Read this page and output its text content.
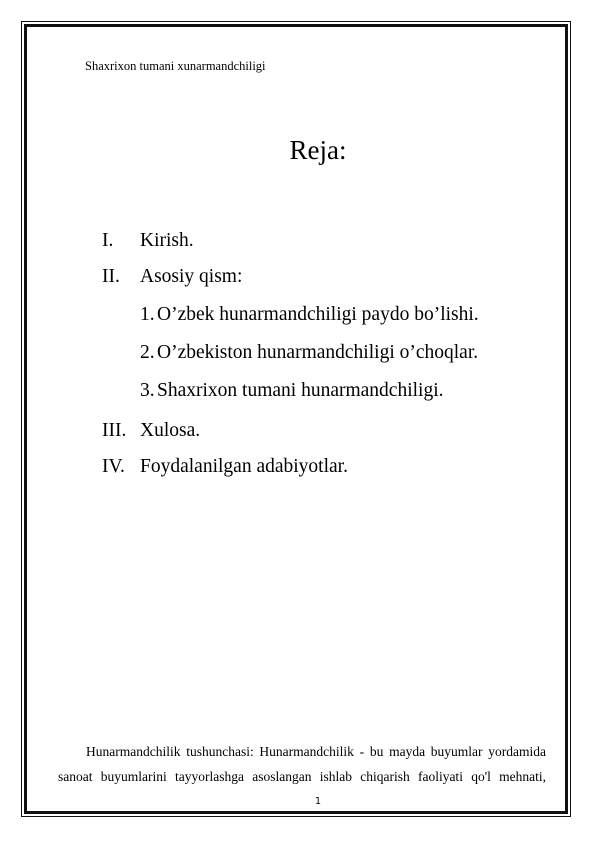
Shaxrixon tumani xunarmandchiligi
Reja:
I.	Kirish.
II.	Asosiy qism:
1. O’zbek hunarmandchiligi paydo bo’lishi.
2. O’zbekiston hunarmandchiligi o’choqlar.
3. Shaxrixon tumani hunarmandchiligi.
III. Xulosa.
IV. Foydalanilgan adabiyotlar.
Hunarmandchilik tushunchasi: Hunarmandchilik - bu mayda buyumlar yordamida
sanoat buyumlarini tayyorlashga asoslangan ishlab chiqarish faoliyati qo'l mehnati,
1
